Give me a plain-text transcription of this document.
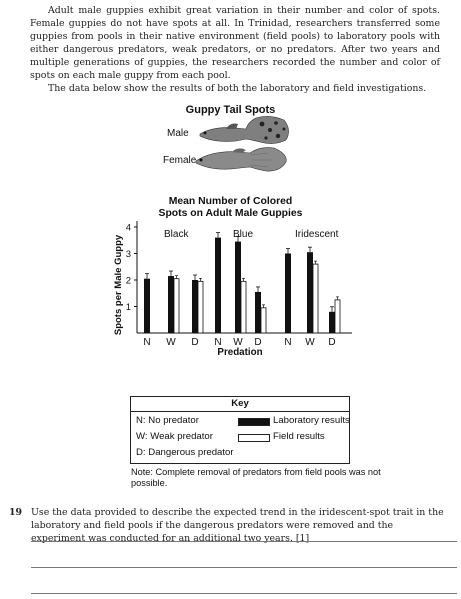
Adult male guppies exhibit great variation in their number and color of spots. Female guppies do not have spots at all. In Trinidad, researchers transferred some guppies from pools in their native environment (field pools) to laboratory pools with either dangerous predators, weak predators, or no predators. After two years and multiple generations of guppies, the researchers recorded the number and color of spots on each male guppy from each pool.

The data below show the results of both the laboratory and field investigations.

Guppy Tail Spots
Male
Female
Mean Number of Colored
Spots on Adult Male Guppies
Spots per Male Guppy
Predation
1
2
3
4
Black
N W D
Blue
N W D
Iridescent
N W D
Key
N: No predator
W: Weak predator
D: Dangerous predator
Laboratory results
Field results
Note: Complete removal of predators from field pools was not possible.
19 Use the data provided to describe the expected trend in the iridescent-spot trait in the laboratory and field pools if the dangerous predators were removed and the experiment was conducted for an additional two years. [1]
